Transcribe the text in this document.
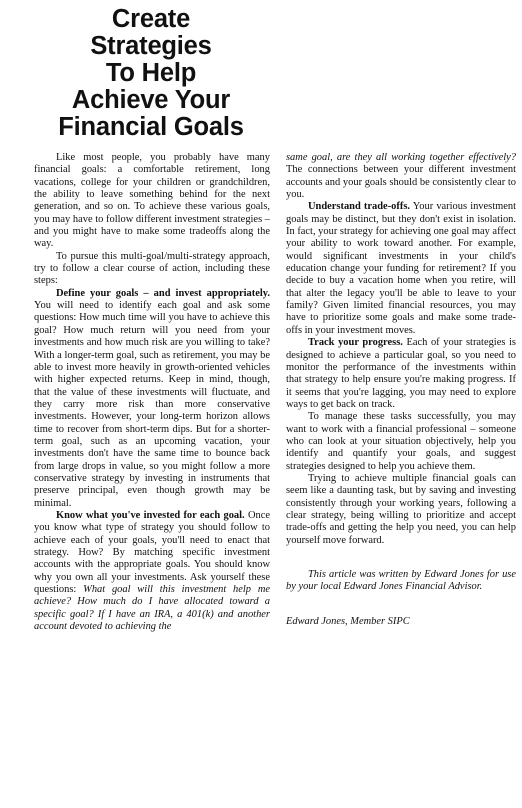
Create
Strategies
To Help
Achieve Your
Financial Goals

Like most people, you probably have many financial goals: a comfortable retirement, long vacations, college for your children or grandchildren, the ability to leave something behind for the next generation, and so on. To achieve these various goals, you may have to follow different investment strategies – and you might have to make some tradeoffs along the way.

To pursue this multi-goal/multi-strategy approach, try to follow a clear course of action, including these steps:

Define your goals – and invest appropriately. You will need to identify each goal and ask some questions: How much time will you have to achieve this goal? How much return will you need from your investments and how much risk are you willing to take? With a longer-term goal, such as retirement, you may be able to invest more heavily in growth-oriented vehicles with higher expected returns. Keep in mind, though, that the value of these investments will fluctuate, and they carry more risk than more conservative investments. However, your long-term horizon allows time to recover from short-term dips. But for a shorter-term goal, such as an upcoming vacation, your investments don't have the same time to bounce back from large drops in value, so you might follow a more conservative strategy by investing in instruments that preserve principal, even though growth may be minimal.

Know what you've invested for each goal. Once you know what type of strategy you should follow to achieve each of your goals, you'll need to enact that strategy. How? By matching specific investment accounts with the appropriate goals. You should know why you own all your investments. Ask yourself these questions: What goal will this investment help me achieve? How much do I have allocated toward a specific goal? If I have an IRA, a 401(k) and another account devoted to achieving the

same goal, are they all working together effectively? The connections between your different investment accounts and your goals should be consistently clear to you.

Understand trade-offs. Your various investment goals may be distinct, but they don't exist in isolation. In fact, your strategy for achieving one goal may affect your ability to work toward another. For example, would significant investments in your child's education change your funding for retirement? If you decide to buy a vacation home when you retire, will that alter the legacy you'll be able to leave to your family? Given limited financial resources, you may have to prioritize some goals and make some trade-offs in your investment moves.

Track your progress. Each of your strategies is designed to achieve a particular goal, so you need to monitor the performance of the investments within that strategy to help ensure you're making progress. If it seems that you're lagging, you may need to explore ways to get back on track.

To manage these tasks successfully, you may want to work with a financial professional – someone who can look at your situation objectively, help you identify and quantify your goals, and suggest strategies designed to help you achieve them.

Trying to achieve multiple financial goals can seem like a daunting task, but by saving and investing consistently through your working years, following a clear strategy, being willing to prioritize and accept trade-offs and getting the help you need, you can help yourself move forward.

This article was written by Edward Jones for use by your local Edward Jones Financial Advisor.

Edward Jones, Member SIPC
